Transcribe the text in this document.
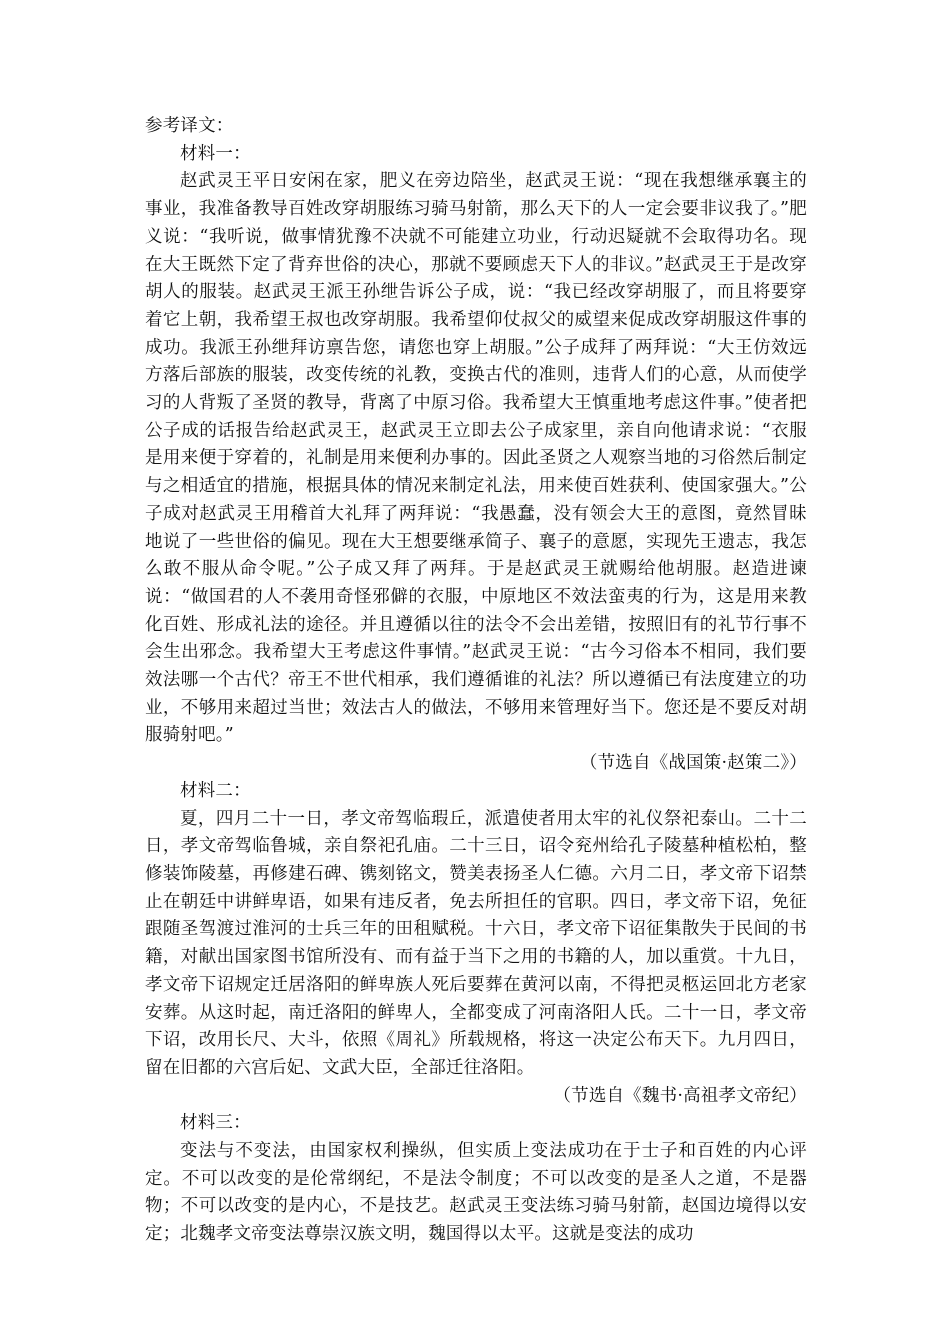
参考译文：

材料一：

赵武灵王平日安闲在家，肥义在旁边陪坐，赵武灵王说：“现在我想继承襄主的事业，我准备教导百姓改穿胡服练习骑马射箭，那么天下的人一定会要非议我了。”肥义说：“我听说，做事情犹豫不决就不可能建立功业，行动迟疑就不会取得功名。现在大王既然下定了背弃世俗的决心，那就不要顾虑天下人的非议。”赵武灵王于是改穿胡人的服装。赵武灵王派王孙绁告诉公子成，说：“我已经改穿胡服了，而且将要穿着它上朝，我希望王叔也改穿胡服。我希望仰仗叔父的威望来促成改穿胡服这件事的成功。我派王孙绁拜访禀告您，请您也穿上胡服。”公子成拜了两拜说：“大王仿效远方落后部族的服装，改变传统的礼教，变换古代的准则，违背人们的心意，从而使学习的人背叛了圣贤的教导，背离了中原习俗。我希望大王慎重地考虑这件事。”使者把公子成的话报告给赵武灵王，赵武灵王立即去公子成家里，亲自向他请求说：“衣服是用来便于穿着的，礼制是用来便利办事的。因此圣贤之人观察当地的习俗然后制定与之相适宜的措施，根据具体的情况来制定礼法，用来使百姓获利、使国家强大。”公子成对赵武灵王用稽首大礼拜了两拜说：“我愚蠢，没有领会大王的意图，竟然冒昧地说了一些世俗的偏见。现在大王想要继承简子、襄子的意愿，实现先王遗志，我怎么敢不服从命令呢。”公子成又拜了两拜。于是赵武灵王就赐给他胡服。赵造进谏说：“做国君的人不袭用奇怪邪僻的衣服，中原地区不效法蛮夷的行为，这是用来教化百姓、形成礼法的途径。并且遵循以往的法令不会出差错，按照旧有的礼节行事不会生出邪念。我希望大王考虑这件事情。”赵武灵王说：“古今习俗本不相同，我们要效法哪一个古代？帝王不世代相承，我们遵循谁的礼法？所以遵循已有法度建立的功业，不够用来超过当世；效法古人的做法，不够用来管理好当下。您还是不要反对胡服骑射吧。”

（节选自《战国策·赵策二》）

材料二：

夏，四月二十一日，孝文帝驾临瑕丘，派遣使者用太牢的礼仪祭祀泰山。二十二日，孝文帝驾临鲁城，亲自祭祀孔庙。二十三日，诏令兖州给孔子陵墓种植松柏，整修装饰陵墓，再修建石碑、镌刻铭文，赞美表扬圣人仁德。六月二日，孝文帝下诏禁止在朝廷中讲鲜卑语，如果有违反者，免去所担任的官职。四日，孝文帝下诏，免征跟随圣驾渡过淮河的士兵三年的田租赋税。十六日，孝文帝下诏征集散失于民间的书籍，对献出国家图书馆所没有、而有益于当下之用的书籍的人，加以重赏。十九日，孝文帝下诏规定迁居洛阳的鲜卑族人死后要葬在黄河以南，不得把灵柩运回北方老家安葬。从这时起，南迁洛阳的鲜卑人，全都变成了河南洛阳人氏。二十一日，孝文帝下诏，改用长尺、大斗，依照《周礼》所载规格，将这一决定公布天下。九月四日，留在旧都的六宫后妃、文武大臣，全部迁往洛阳。

（节选自《魏书·高祖孝文帝纪）

材料三：

变法与不变法，由国家权利操纵，但实质上变法成功在于士子和百姓的内心评定。不可以改变的是伦常纲纪，不是法令制度；不可以改变的是圣人之道，不是器物；不可以改变的是内心，不是技艺。赵武灵王变法练习骑马射箭，赵国边境得以安定；北魏孝文帝变法尊崇汉族文明，魏国得以太平。这就是变法的成功
